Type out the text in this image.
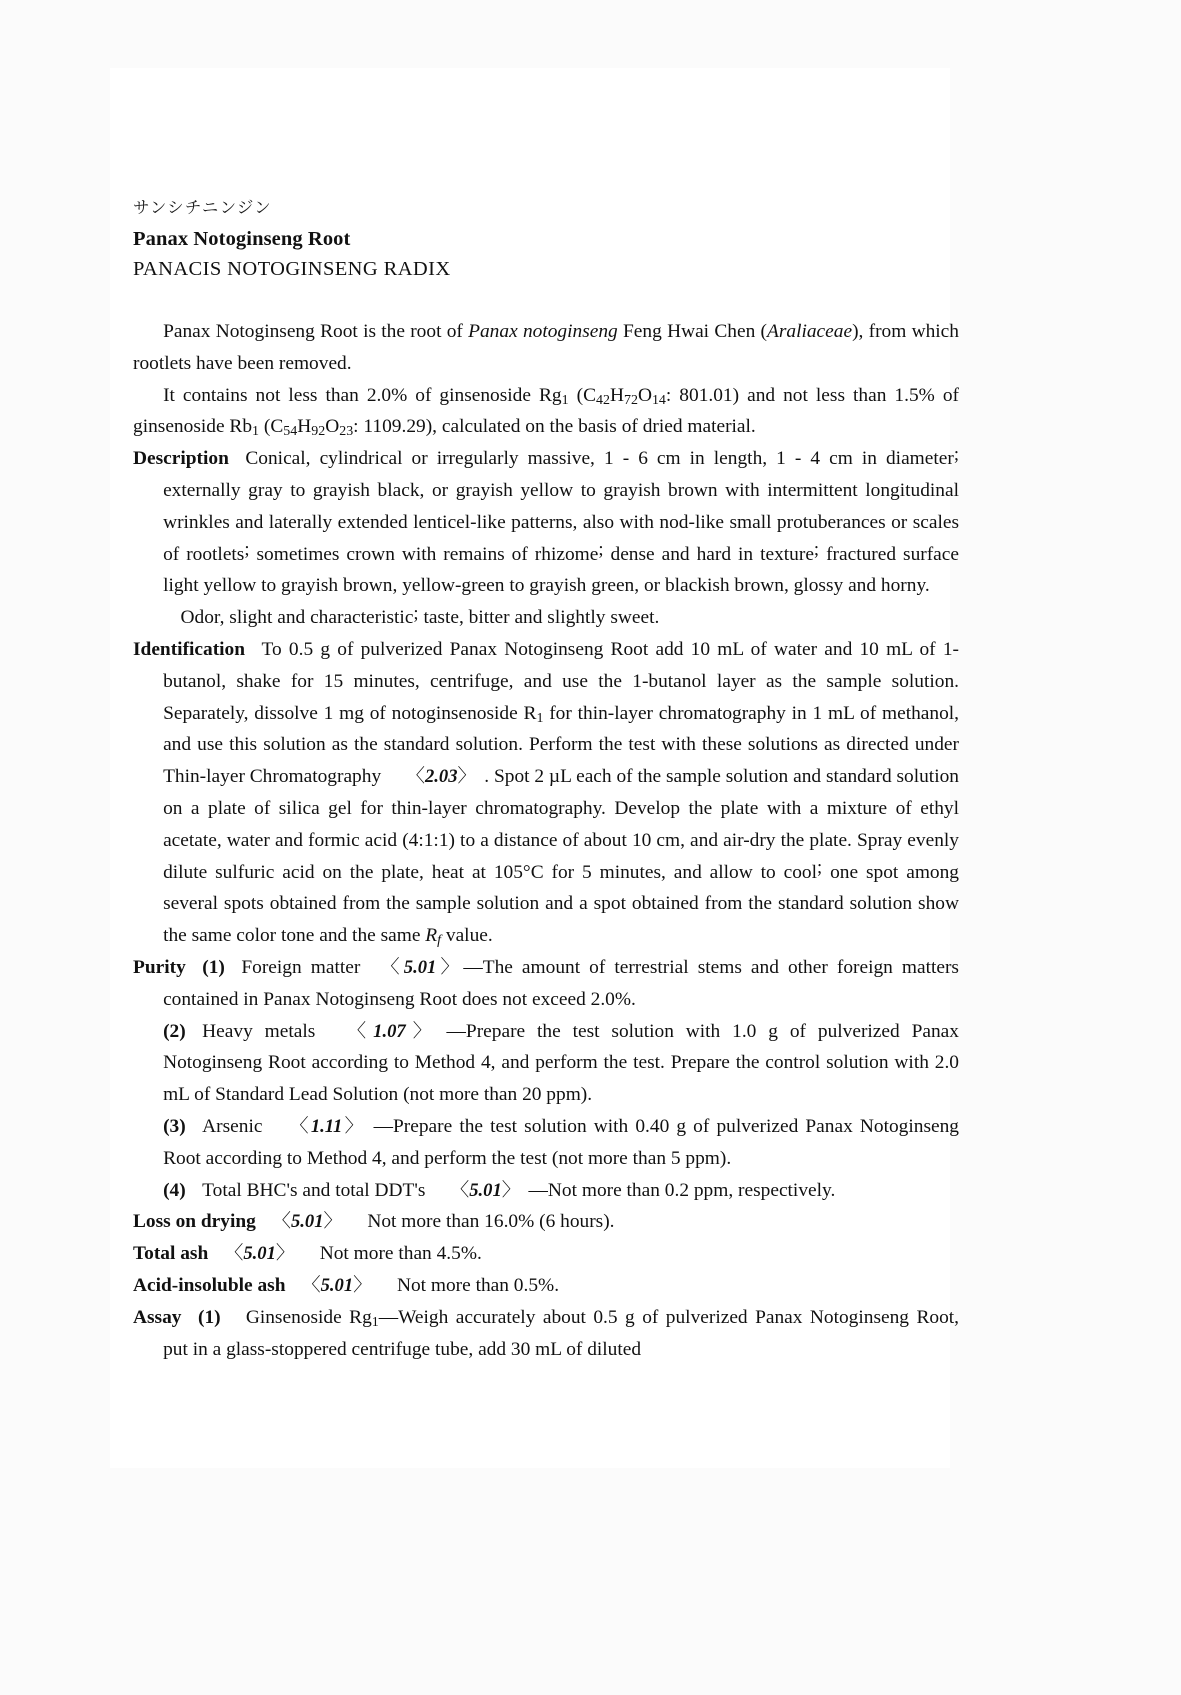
サンシチニンジン

Panax Notoginseng Root

PANACIS NOTOGINSENG RADIX

Panax Notoginseng Root is the root of Panax notoginseng Feng Hwai Chen (Araliaceae), from which rootlets have been removed.

It contains not less than 2.0% of ginsenoside $Rg_1$ ($C_{42}H_{72}O_{14}$: 801.01) and not less than 1.5% of ginsenoside $Rb_1$ ($C_{54}H_{92}O_{23}$: 1109.29), calculated on the basis of dried material.

Description Conical, cylindrical or irregularly massive, 1 - 6 cm in length, 1 - 4 cm in diameter; externally gray to grayish black, or grayish yellow to grayish brown with intermittent longitudinal wrinkles and laterally extended lenticel-like patterns, also with nod-like small protuberances or scales of rootlets; sometimes crown with remains of rhizome; dense and hard in texture; fractured surface light yellow to grayish brown, yellow-green to grayish green, or blackish brown, glossy and horny.

Odor, slight and characteristic; taste, bitter and slightly sweet.

Identification To 0.5 g of pulverized Panax Notoginseng Root add 10 mL of water and 10 mL of 1-butanol, shake for 15 minutes, centrifuge, and use the 1-butanol layer as the sample solution. Separately, dissolve 1 mg of notoginsenoside $R_1$ for thin-layer chromatography in 1 mL of methanol, and use this solution as the standard solution. Perform the test with these solutions as directed under Thin-layer Chromatography 〈2.03〉 . Spot 2 µL each of the sample solution and standard solution on a plate of silica gel for thin-layer chromatography. Develop the plate with a mixture of ethyl acetate, water and formic acid (4:1:1) to a distance of about 10 cm, and air-dry the plate. Spray evenly dilute sulfuric acid on the plate, heat at 105°C for 5 minutes, and allow to cool; one spot among several spots obtained from the sample solution and a spot obtained from the standard solution show the same color tone and the same $R_f$ value.

Purity (1) Foreign matter 〈5.01〉—The amount of terrestrial stems and other foreign matters contained in Panax Notoginseng Root does not exceed 2.0%.

(2) Heavy metals 〈1.07〉 —Prepare the test solution with 1.0 g of pulverized Panax Notoginseng Root according to Method 4, and perform the test. Prepare the control solution with 2.0 mL of Standard Lead Solution (not more than 20 ppm).

(3) Arsenic 〈1.11〉 —Prepare the test solution with 0.40 g of pulverized Panax Notoginseng Root according to Method 4, and perform the test (not more than 5 ppm).

(4) Total BHC's and total DDT's 〈5.01〉 —Not more than 0.2 ppm, respectively.

Loss on drying 〈5.01〉 Not more than 16.0% (6 hours).

Total ash 〈5.01〉 Not more than 4.5%.

Acid-insoluble ash 〈5.01〉 Not more than 0.5%.

Assay (1) Ginsenoside $Rg_1—Weigh$ accurately about 0.5 g of pulverized Panax Notoginseng Root, put in a glass-stoppered centrifuge tube, add 30 mL of diluted
